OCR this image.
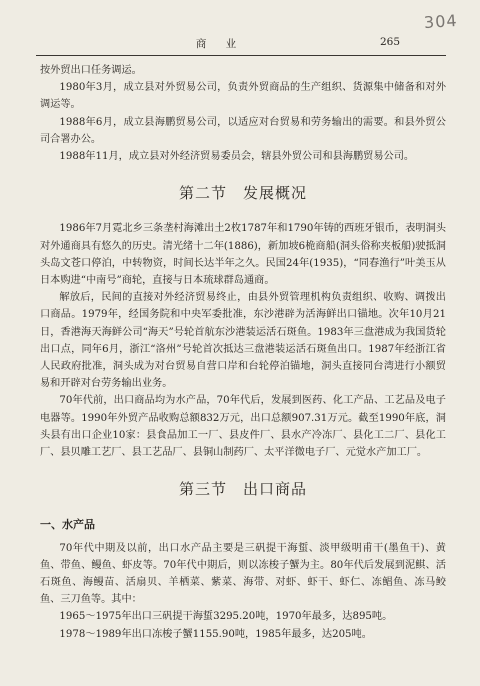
304
商 业	265

按外贸出口任务调运。

1980年3月，成立县对外贸易公司，负责外贸商品的生产组织、货源集中储备和对外调运等。

1988年6月，成立县海鹏贸易公司，以适应对台贸易和劳务输出的需要。和县外贸公司合署办公。

1988年11月，成立县对外经济贸易委员会，辖县外贸公司和县海鹏贸易公司。

第二节　发展概况

1986年7月霓北乡三条垄村海滩出土2枚1787年和1790年铸的西班牙银币，表明洞头对外通商具有悠久的历史。清光绪十二年(1886)，新加坡6桅商船(洞头俗称夹板船)驶抵洞头岛文苍口停泊，中转物资，时间长达半年之久。民国24年(1935)，“同春渔行”叶美玉从日本购进“中南号”商轮，直接与日本琉球群岛通商。

解放后，民间的直接对外经济贸易终止，由县外贸管理机构负责组织、收购、调拨出口商品。1979年，经国务院和中央军委批准，东沙港辟为活海鲜出口锚地。次年10月21日，香港海天海鲜公司“海天”号轮首航东沙港装运活石斑鱼。1983年三盘港成为我国货轮出口点，同年6月，浙江“洛州”号轮首次抵达三盘港装运活石斑鱼出口。1987年经浙江省人民政府批准，洞头成为对台贸易自营口岸和台轮停泊锚地，洞头直接同台湾进行小额贸易和开辟对台劳务输出业务。

70年代前，出口商品均为水产品，70年代后，发展到医药、化工产品、工艺品及电子电器等。1990年外贸产品收购总额832万元，出口总额907.31万元。截至1990年底，洞头县有出口企业10家：县食品加工一厂、县皮件厂、县水产冷冻厂、县化工二厂、县化工厂、县贝雕工艺厂、县工艺品厂、县铜山制药厂、太平洋微电子厂、元觉水产加工厂。

第三节　出口商品
一、水产品

70年代中期及以前，出口水产品主要是三矾提干海蜇、淡甲级明甫干(墨鱼干)、黄鱼、带鱼、鳗鱼、虾皮等。70年代中期后，则以冻梭子蟹为主。80年代后发展到泥鲯、活石斑鱼、海鳗苗、活扇贝、羊栖菜、紫菜、海带、对虾、虾干、虾仁、冻鲳鱼、冻马鲛鱼、三刀鱼等。其中：

1965～1975年出口三矾提干海蜇3295.20吨，1970年最多，达895吨。

1978～1989年出口冻梭子蟹1155.90吨，1985年最多，达205吨。
